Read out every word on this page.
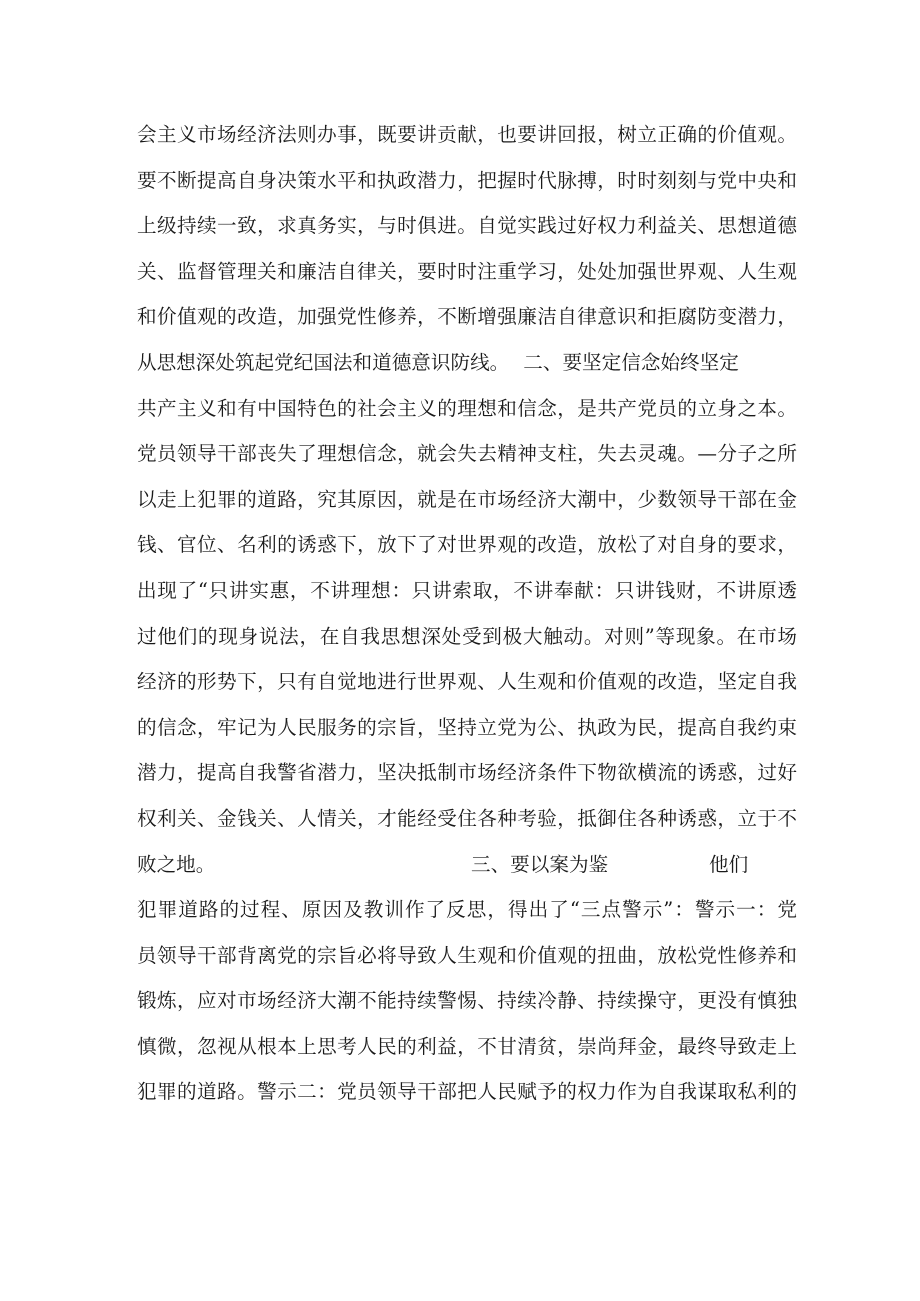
会主义市场经济法则办事，既要讲贡献，也要讲回报，树立正确的价值观。
要不断提高自身决策水平和执政潜力，把握时代脉搏，时时刻刻与党中央和
上级持续一致，求真务实，与时俱进。自觉实践过好权力利益关、思想道德
关、监督管理关和廉洁自律关，要时时注重学习，处处加强世界观、人生观
和价值观的改造，加强党性修养，不断增强廉洁自律意识和拒腐防变潜力，
从思想深处筑起党纪国法和道德意识防线。 二、要坚定信念始终坚定
共产主义和有中国特色的社会主义的理想和信念，是共产党员的立身之本。
党员领导干部丧失了理想信念，就会失去精神支柱，失去灵魂。—分子之所
以走上犯罪的道路，究其原因，就是在市场经济大潮中，少数领导干部在金
钱、官位、名利的诱惑下，放下了对世界观的改造，放松了对自身的要求，
出现了“只讲实惠，不讲理想：只讲索取，不讲奉献：只讲钱财，不讲原透
过他们的现身说法，在自我思想深处受到极大触动。对则”等现象。在市场
经济的形势下，只有自觉地进行世界观、人生观和价值观的改造，坚定自我
的信念，牢记为人民服务的宗旨，坚持立党为公、执政为民，提高自我约束
潜力，提高自我警省潜力，坚决抵制市场经济条件下物欲横流的诱惑，过好
权利关、金钱关、人情关，才能经受住各种考验，抵御住各种诱惑，立于不
败之地。	三、要以案为鉴	他们
犯罪道路的过程、原因及教训作了反思，得出了“三点警示”：警示一：党
员领导干部背离党的宗旨必将导致人生观和价值观的扭曲，放松党性修养和
锻炼，应对市场经济大潮不能持续警惕、持续冷静、持续操守，更没有慎独
慎微，忽视从根本上思考人民的利益，不甘清贫，崇尚拜金，最终导致走上
犯罪的道路。警示二：党员领导干部把人民赋予的权力作为自我谋取私利的
